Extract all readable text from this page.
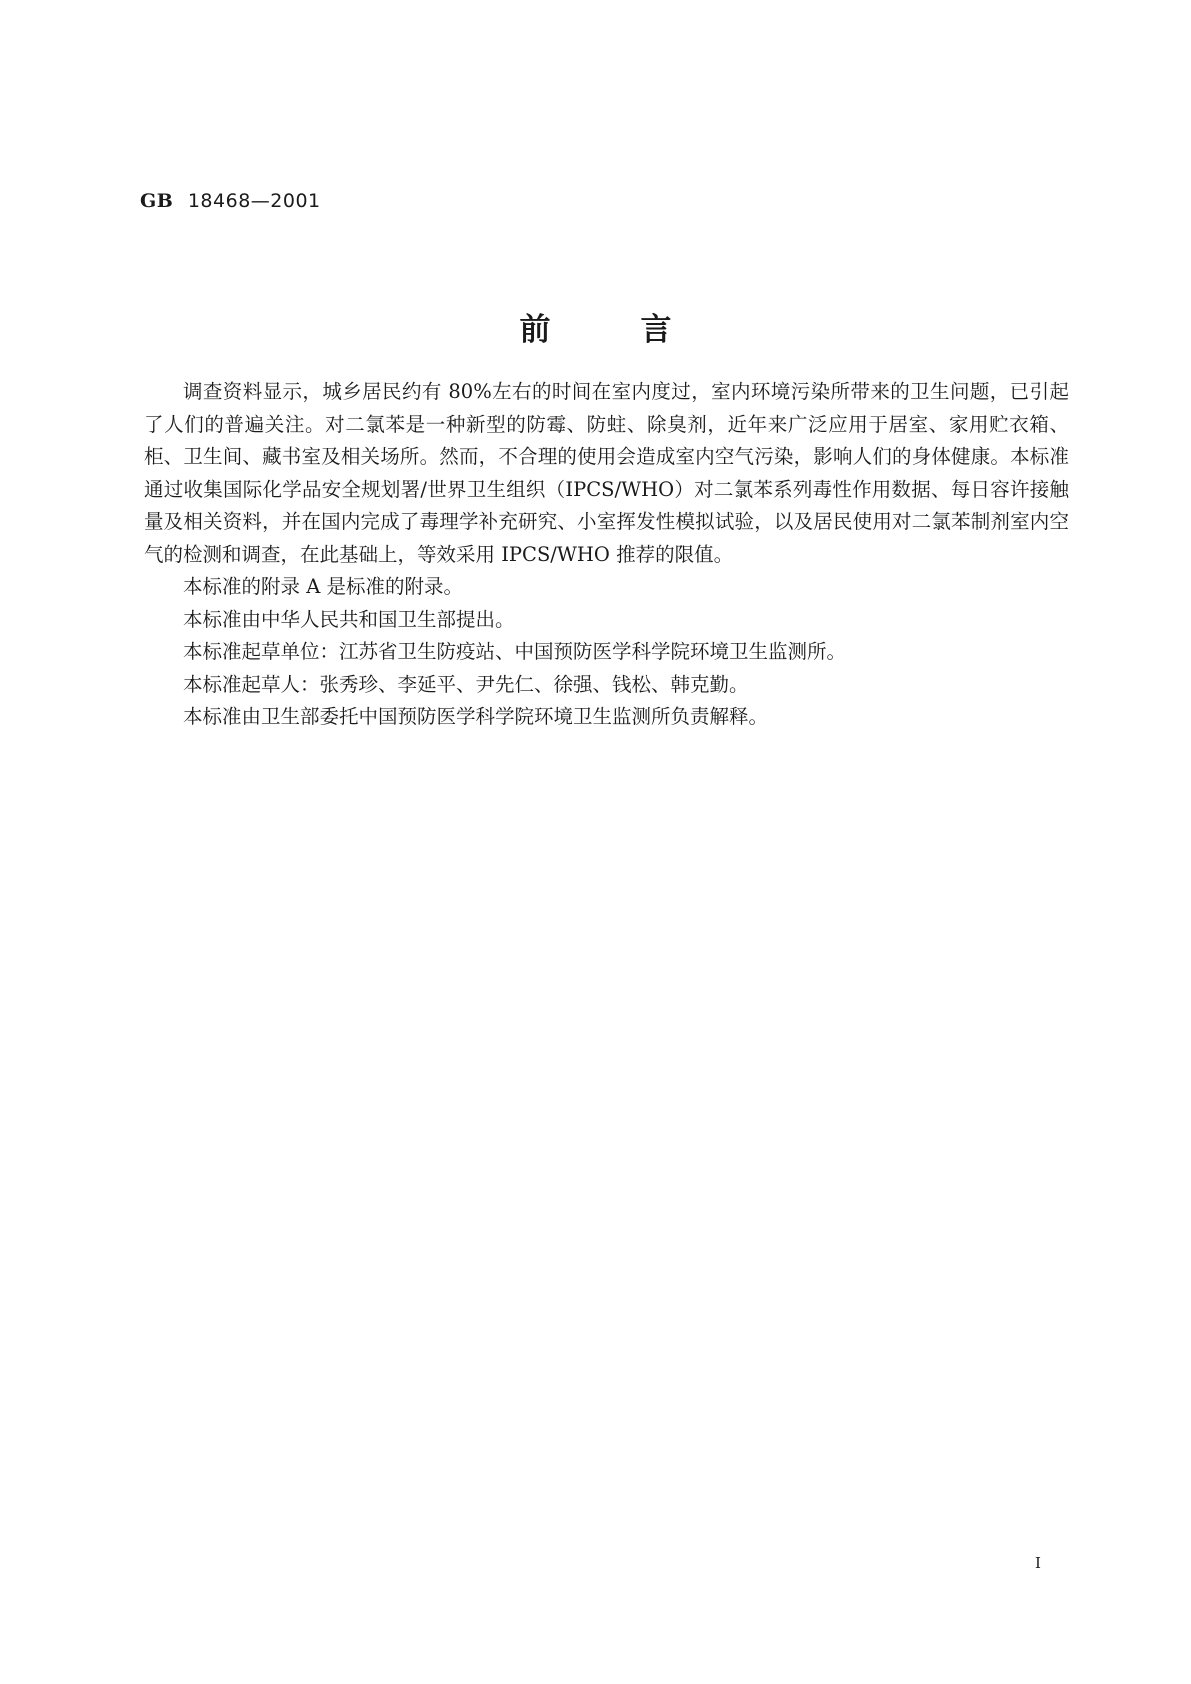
GB 18468—2001
前	言

调查资料显示，城乡居民约有 80%左右的时间在室内度过，室内环境污染所带来的卫生问题，已引起了人们的普遍关注。对二氯苯是一种新型的防霉、防蛀、除臭剂，近年来广泛应用于居室、家用贮衣箱、柜、卫生间、藏书室及相关场所。然而，不合理的使用会造成室内空气污染，影响人们的身体健康。本标准通过收集国际化学品安全规划署/世界卫生组织（IPCS/WHO）对二氯苯系列毒性作用数据、每日容许接触量及相关资料，并在国内完成了毒理学补充研究、小室挥发性模拟试验，以及居民使用对二氯苯制剂室内空气的检测和调查，在此基础上，等效采用 IPCS/WHO 推荐的限值。

本标准的附录 A 是标准的附录。

本标准由中华人民共和国卫生部提出。

本标准起草单位：江苏省卫生防疫站、中国预防医学科学院环境卫生监测所。

本标准起草人：张秀珍、李延平、尹先仁、徐强、钱松、韩克勤。

本标准由卫生部委托中国预防医学科学院环境卫生监测所负责解释。

I
